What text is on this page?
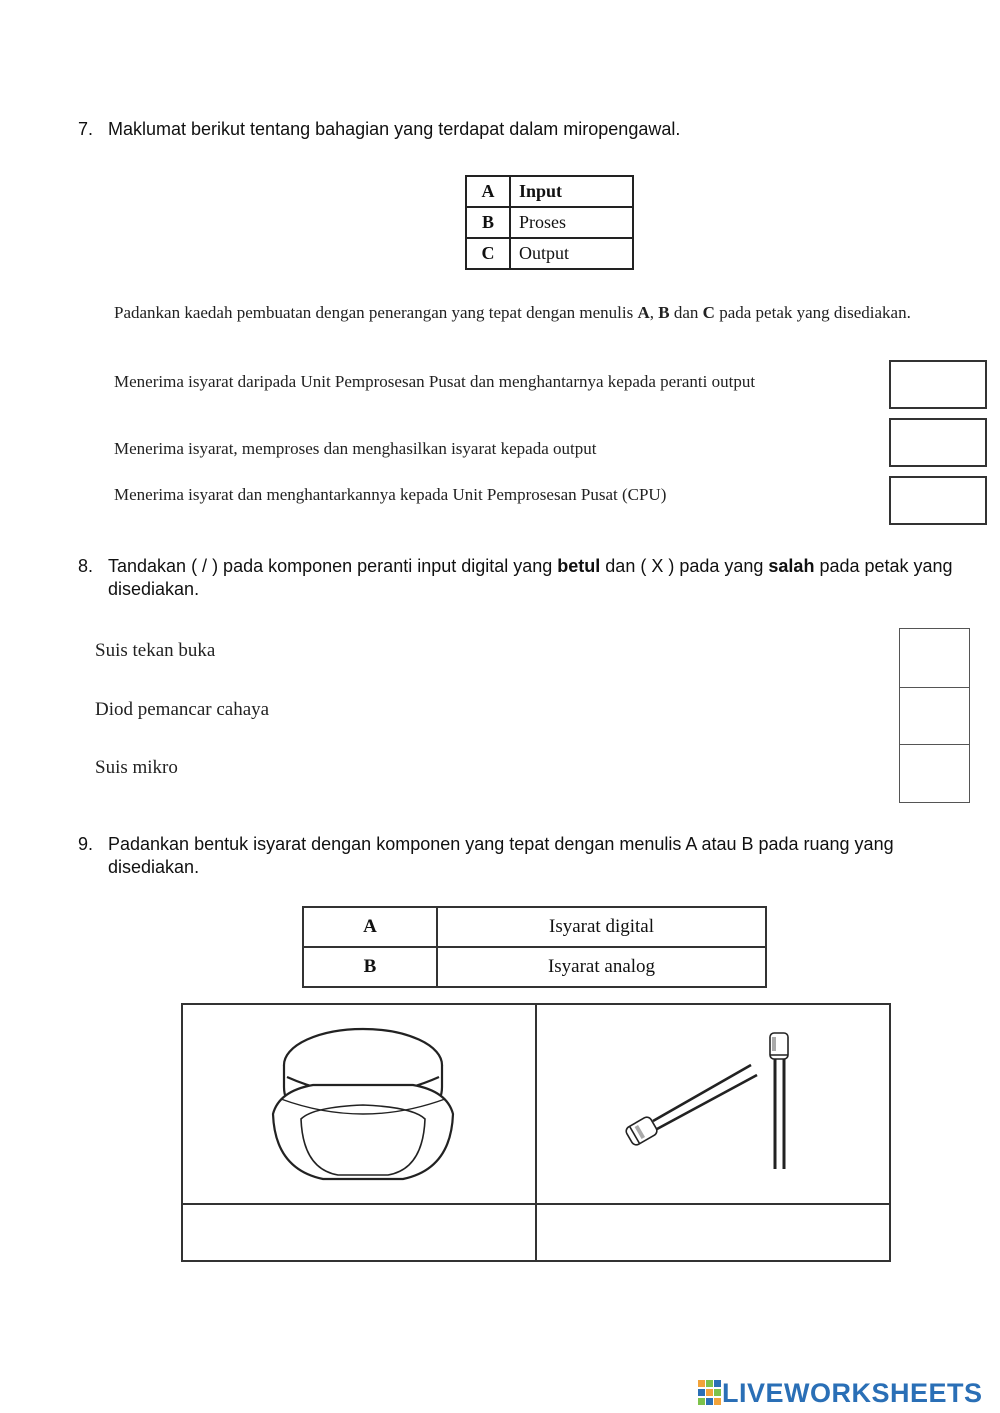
7. Maklumat berikut tentang bahagian yang terdapat dalam miropengawal.
A	Input
B	Proses
C	Output
Padankan kaedah pembuatan dengan penerangan yang tepat dengan menulis A, B dan C pada petak yang disediakan.
Menerima isyarat daripada Unit Pemprosesan Pusat dan menghantarnya kepada peranti output
Menerima isyarat, memproses dan menghasilkan isyarat kepada output
Menerima isyarat dan menghantarkannya kepada Unit Pemprosesan Pusat (CPU)
8. Tandakan ( / ) pada komponen peranti input digital yang betul dan ( X ) pada yang salah pada petak yang disediakan.
Suis tekan buka
Diod pemancar cahaya
Suis mikro
9. Padankan bentuk isyarat dengan komponen yang tepat dengan menulis A atau B pada ruang yang disediakan.
A	Isyarat digital
B	Isyarat analog
LIVEWORKSHEETS
